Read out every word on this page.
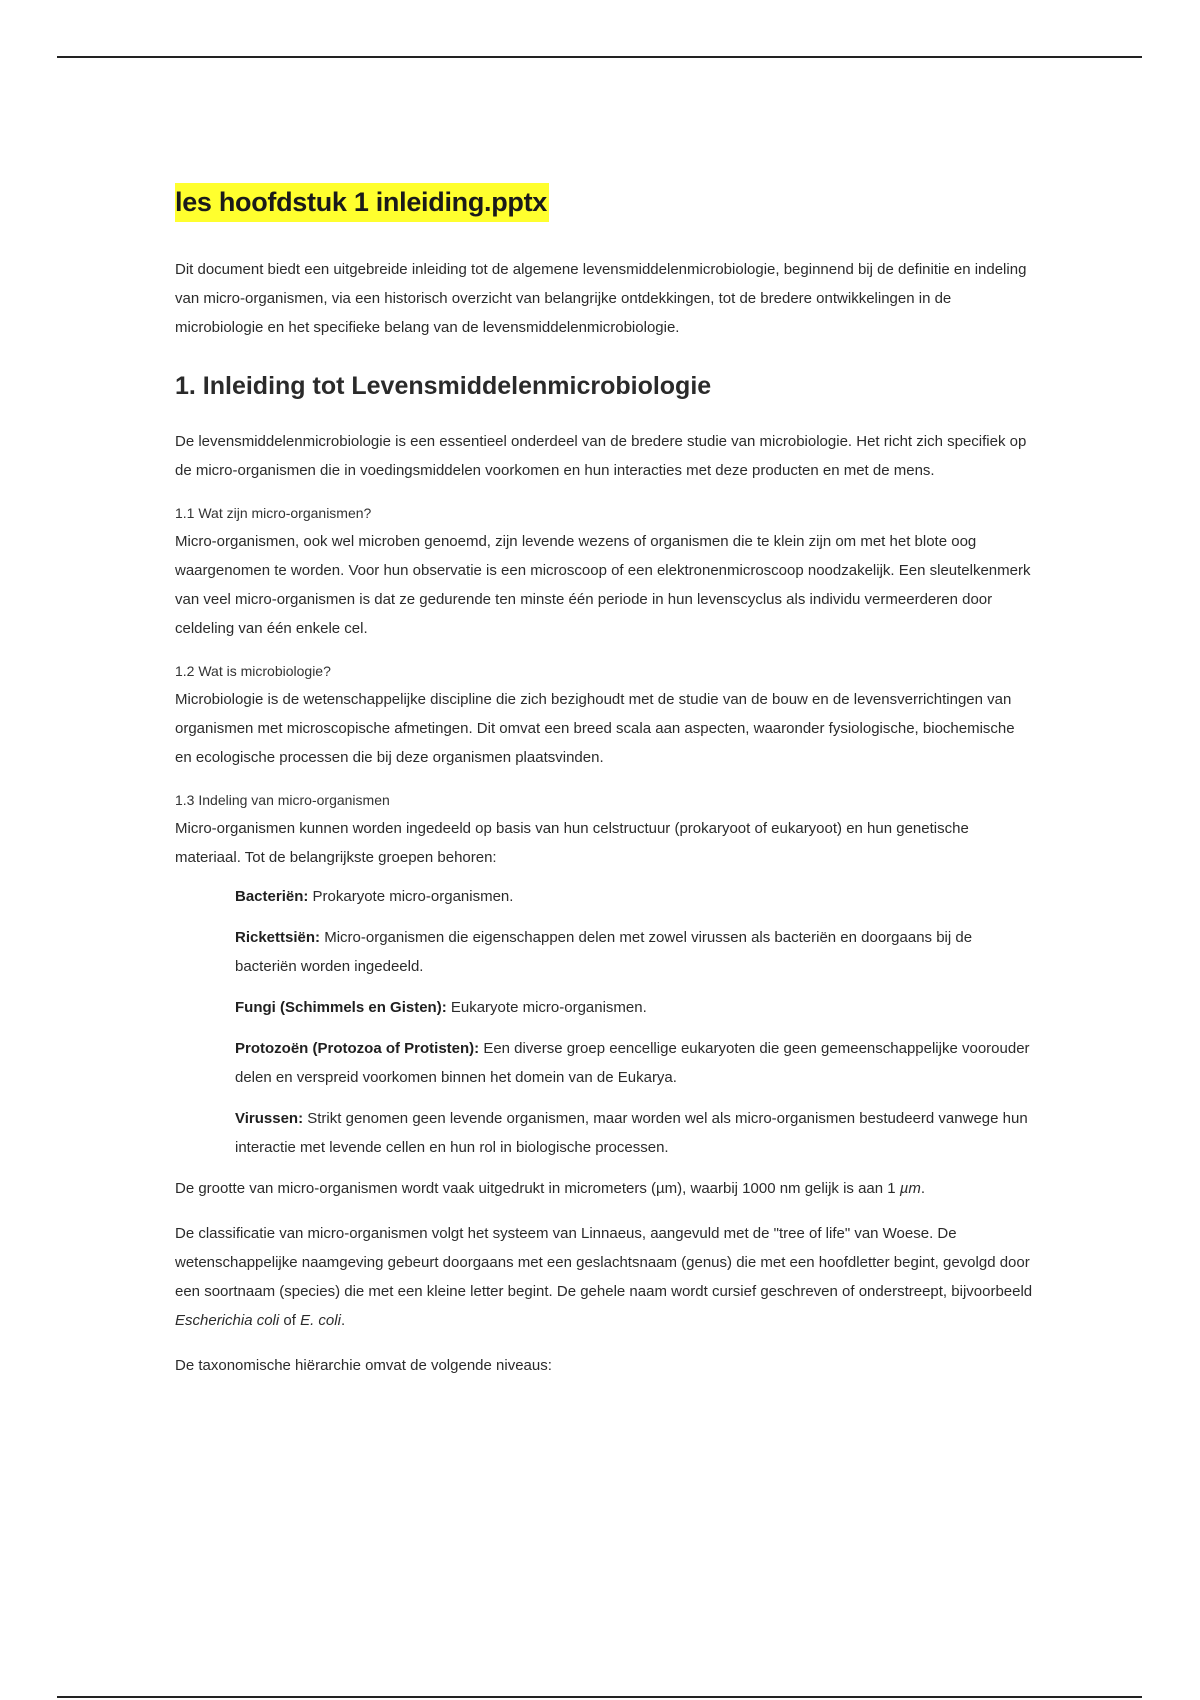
les hoofdstuk 1 inleiding.pptx

Dit document biedt een uitgebreide inleiding tot de algemene levensmiddelenmicrobiologie, beginnend bij de definitie en indeling van micro-organismen, via een historisch overzicht van belangrijke ontdekkingen, tot de bredere ontwikkelingen in de microbiologie en het specifieke belang van de levensmiddelenmicrobiologie.

1. Inleiding tot Levensmiddelenmicrobiologie

De levensmiddelenmicrobiologie is een essentieel onderdeel van de bredere studie van microbiologie. Het richt zich specifiek op de micro-organismen die in voedingsmiddelen voorkomen en hun interacties met deze producten en met de mens.

1.1 Wat zijn micro-organismen?

Micro-organismen, ook wel microben genoemd, zijn levende wezens of organismen die te klein zijn om met het blote oog waargenomen te worden. Voor hun observatie is een microscoop of een elektronenmicroscoop noodzakelijk. Een sleutelkenmerk van veel micro-organismen is dat ze gedurende ten minste één periode in hun levenscyclus als individu vermeerderen door celdeling van één enkele cel.

1.2 Wat is microbiologie?

Microbiologie is de wetenschappelijke discipline die zich bezighoudt met de studie van de bouw en de levensverrichtingen van organismen met microscopische afmetingen. Dit omvat een breed scala aan aspecten, waaronder fysiologische, biochemische en ecologische processen die bij deze organismen plaatsvinden.

1.3 Indeling van micro-organismen

Micro-organismen kunnen worden ingedeeld op basis van hun celstructuur (prokaryoot of eukaryoot) en hun genetische materiaal. Tot de belangrijkste groepen behoren:

Bacteriën: Prokaryote micro-organismen.
Rickettsiën: Micro-organismen die eigenschappen delen met zowel virussen als bacteriën en doorgaans bij de bacteriën worden ingedeeld.
Fungi (Schimmels en Gisten): Eukaryote micro-organismen.
Protozoën (Protozoa of Protisten): Een diverse groep eencellige eukaryoten die geen gemeenschappelijke voorouder delen en verspreid voorkomen binnen het domein van de Eukarya.
Virussen: Strikt genomen geen levende organismen, maar worden wel als micro-organismen bestudeerd vanwege hun interactie met levende cellen en hun rol in biologische processen.

De grootte van micro-organismen wordt vaak uitgedrukt in micrometers (µm), waarbij 1000 nm gelijk is aan 1 µm.

De classificatie van micro-organismen volgt het systeem van Linnaeus, aangevuld met de "tree of life" van Woese. De wetenschappelijke naamgeving gebeurt doorgaans met een geslachtsnaam (genus) die met een hoofdletter begint, gevolgd door een soortnaam (species) die met een kleine letter begint. De gehele naam wordt cursief geschreven of onderstreept, bijvoorbeeld Escherichia coli of E. coli.

De taxonomische hiërarchie omvat de volgende niveaus:
